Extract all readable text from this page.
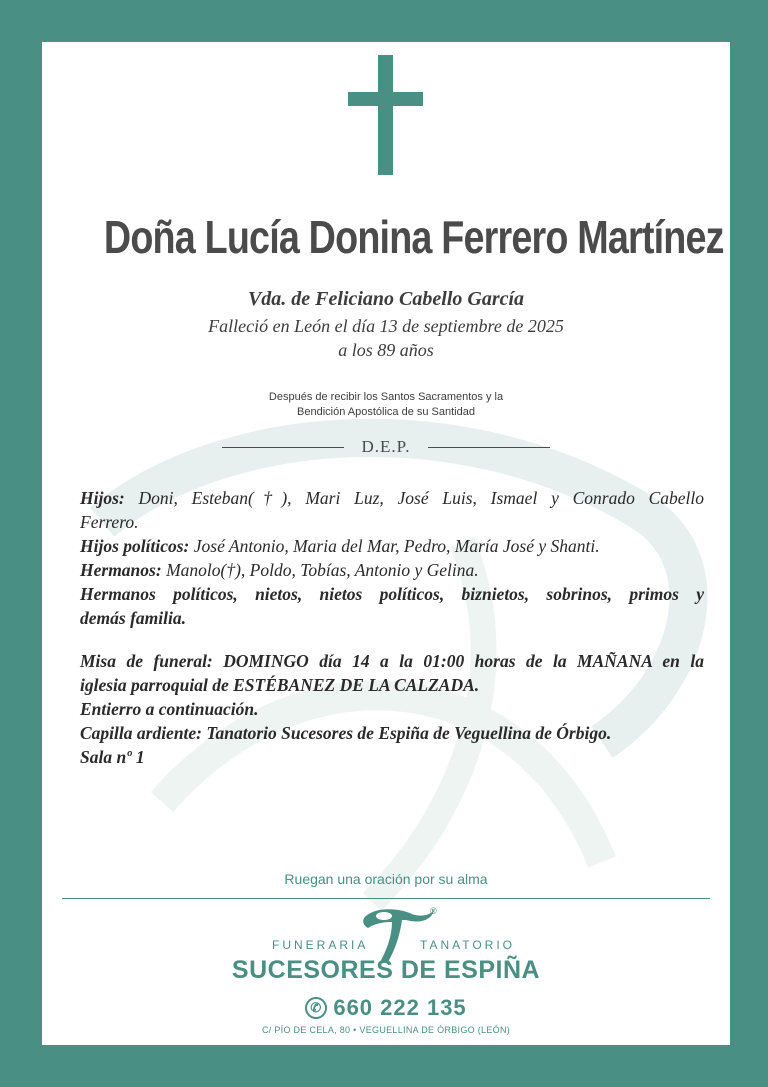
Doña Lucía Donina Ferrero Martínez
Vda. de Feliciano Cabello García
Falleció en León el día 13 de septiembre de 2025
a los 89 años
Después de recibir los Santos Sacramentos y la
Bendición Apostólica de su Santidad
D.E.P.
Hijos: Doni, Esteban(†), Mari Luz, José Luis, Ismael y Conrado Cabello
Ferrero.
Hijos políticos: José Antonio, Maria del Mar, Pedro, María José y Shanti.
Hermanos: Manolo(†), Poldo, Tobías, Antonio y Gelina.
Hermanos políticos, nietos, nietos políticos, biznietos, sobrinos, primos y
demás familia.
Misa de funeral: DOMINGO día 14 a la 01:00 horas de la MAÑANA en la
iglesia parroquial de ESTÉBANEZ DE LA CALZADA.
Entierro a continuación.
Capilla ardiente: Tanatorio Sucesores de Espiña de Veguellina de Órbigo.
Sala nº 1
Ruegan una oración por su alma
®
FUNERARIA	TANATORIO
SUCESORES DE ESPIÑA
✆ 660 222 135
C/ PÍO DE CELA, 80 • VEGUELLINA DE ÓRBIGO (LEÓN)
